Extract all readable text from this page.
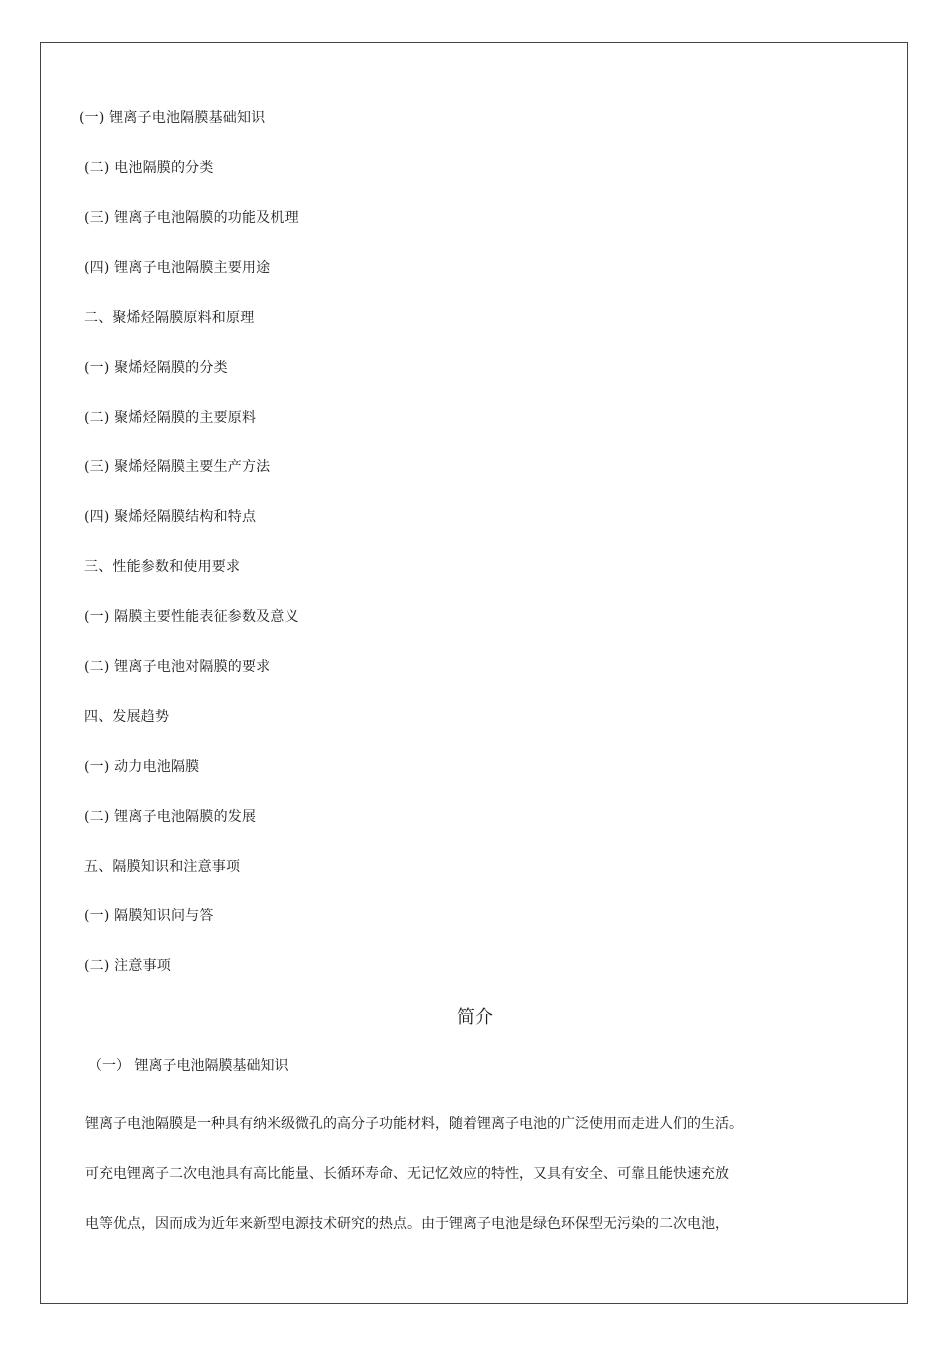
(一) 锂离子电池隔膜基础知识
(二) 电池隔膜的分类
(三) 锂离子电池隔膜的功能及机理
(四) 锂离子电池隔膜主要用途
二、聚烯烃隔膜原料和原理
(一) 聚烯烃隔膜的分类
(二) 聚烯烃隔膜的主要原料
(三) 聚烯烃隔膜主要生产方法
(四) 聚烯烃隔膜结构和特点
三、性能参数和使用要求
(一) 隔膜主要性能表征参数及意义
(二) 锂离子电池对隔膜的要求
四、发展趋势
(一) 动力电池隔膜
(二) 锂离子电池隔膜的发展
五、隔膜知识和注意事项
(一) 隔膜知识问与答
(二) 注意事项
简介
（一） 锂离子电池隔膜基础知识
锂离子电池隔膜是一种具有纳米级微孔的高分子功能材料，随着锂离子电池的广泛使用而走进人们的生活。
可充电锂离子二次电池具有高比能量、长循环寿命、无记忆效应的特性，又具有安全、可靠且能快速充放
电等优点，因而成为近年来新型电源技术研究的热点。由于锂离子电池是绿色环保型无污染的二次电池，
